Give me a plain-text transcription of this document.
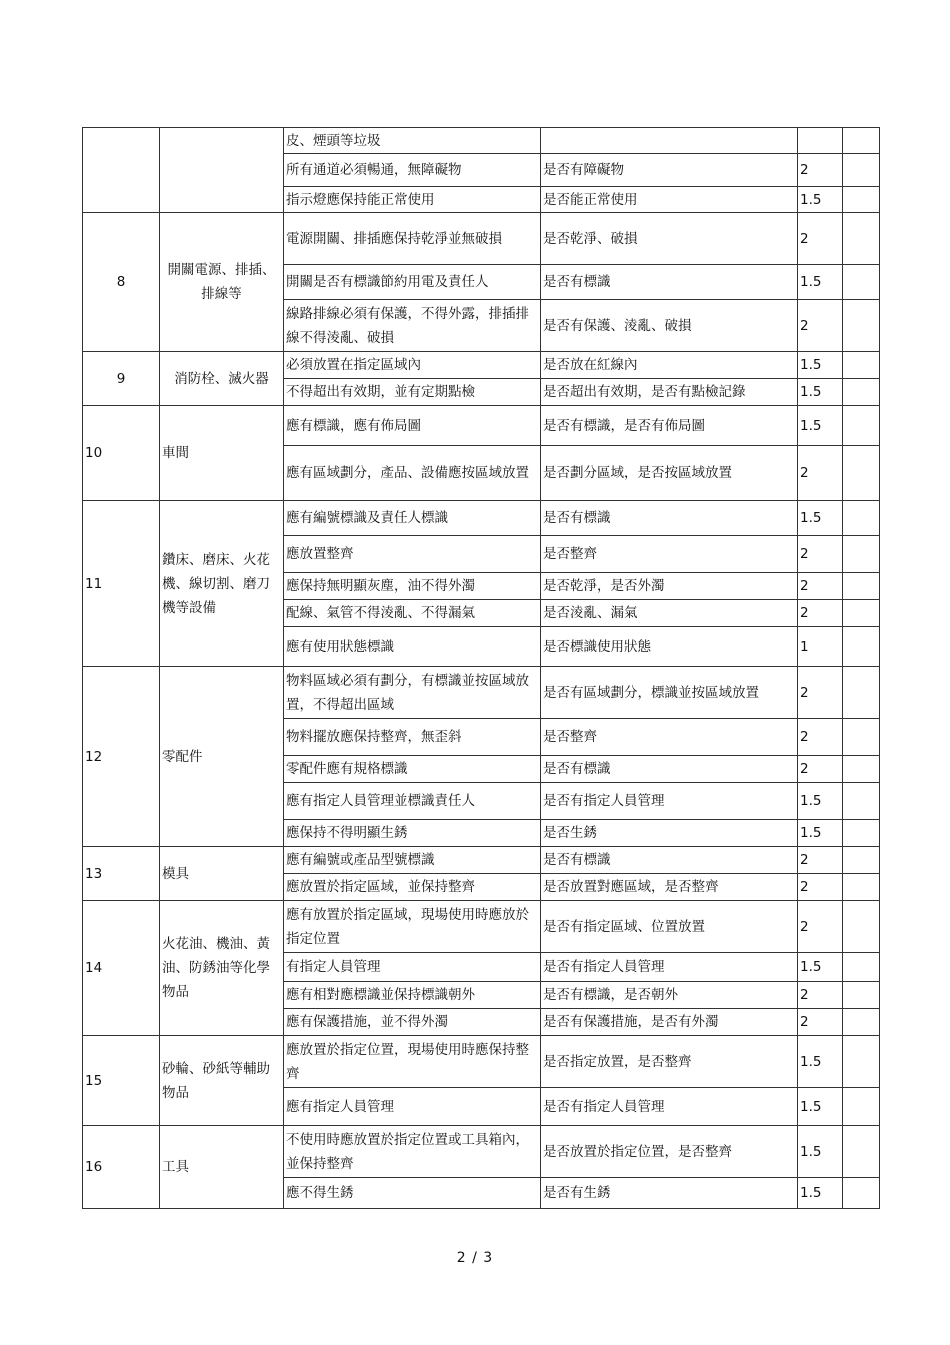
		皮、煙頭等垃圾			
		所有通道必須暢通，無障礙物	是否有障礙物	2	
		指示燈應保持能正常使用	是否能正常使用	1.5	
8	開關電源、排插、排線等	電源開關、排插應保持乾淨並無破損	是否乾淨、破損	2	
		開關是否有標識節約用電及責任人	是否有標識	1.5	
		線路排線必須有保護，不得外露，排插排線不得淩亂、破損	是否有保護、淩亂、破損	2	
9	消防栓、滅火器	必須放置在指定區域內	是否放在紅線內	1.5	
		不得超出有效期，並有定期點檢	是否超出有效期，是否有點檢記錄	1.5	
10	車間	應有標識，應有佈局圖	是否有標識，是否有佈局圖	1.5	
		應有區域劃分，產品、設備應按區域放置	是否劃分區域，是否按區域放置	2	
11	鑽床、磨床、火花機、線切割、磨刀機等設備	應有編號標識及責任人標識	是否有標識	1.5	
		應放置整齊	是否整齊	2	
		應保持無明顯灰塵，油不得外濁	是否乾淨，是否外濁	2	
		配線、氣管不得淩亂、不得漏氣	是否淩亂、漏氣	2	
		應有使用狀態標識	是否標識使用狀態	1	
12	零配件	物料區域必須有劃分，有標識並按區域放置，不得超出區域	是否有區域劃分，標識並按區域放置	2	
		物料擺放應保持整齊，無歪斜	是否整齊	2	
		零配件應有規格標識	是否有標識	2	
		應有指定人員管理並標識責任人	是否有指定人員管理	1.5	
		應保持不得明顯生銹	是否生銹	1.5	
13	模具	應有編號或產品型號標識	是否有標識	2	
		應放置於指定區域，並保持整齊	是否放置對應區域，是否整齊	2	
14	火花油、機油、黃油、防銹油等化學物品	應有放置於指定區域，現場使用時應放於指定位置	是否有指定區域、位置放置	2	
		有指定人員管理	是否有指定人員管理	1.5	
		應有相對應標識並保持標識朝外	是否有標識，是否朝外	2	
		應有保護措施，並不得外濁	是否有保護措施，是否有外濁	2	
15	砂輪、砂紙等輔助物品	應放置於指定位置，現場使用時應保持整齊	是否指定放置，是否整齊	1.5	
		應有指定人員管理	是否有指定人員管理	1.5	
16	工具	不使用時應放置於指定位置或工具箱內，並保持整齊	是否放置於指定位置，是否整齊	1.5	
		應不得生銹	是否有生銹	1.5	
2 / 3
